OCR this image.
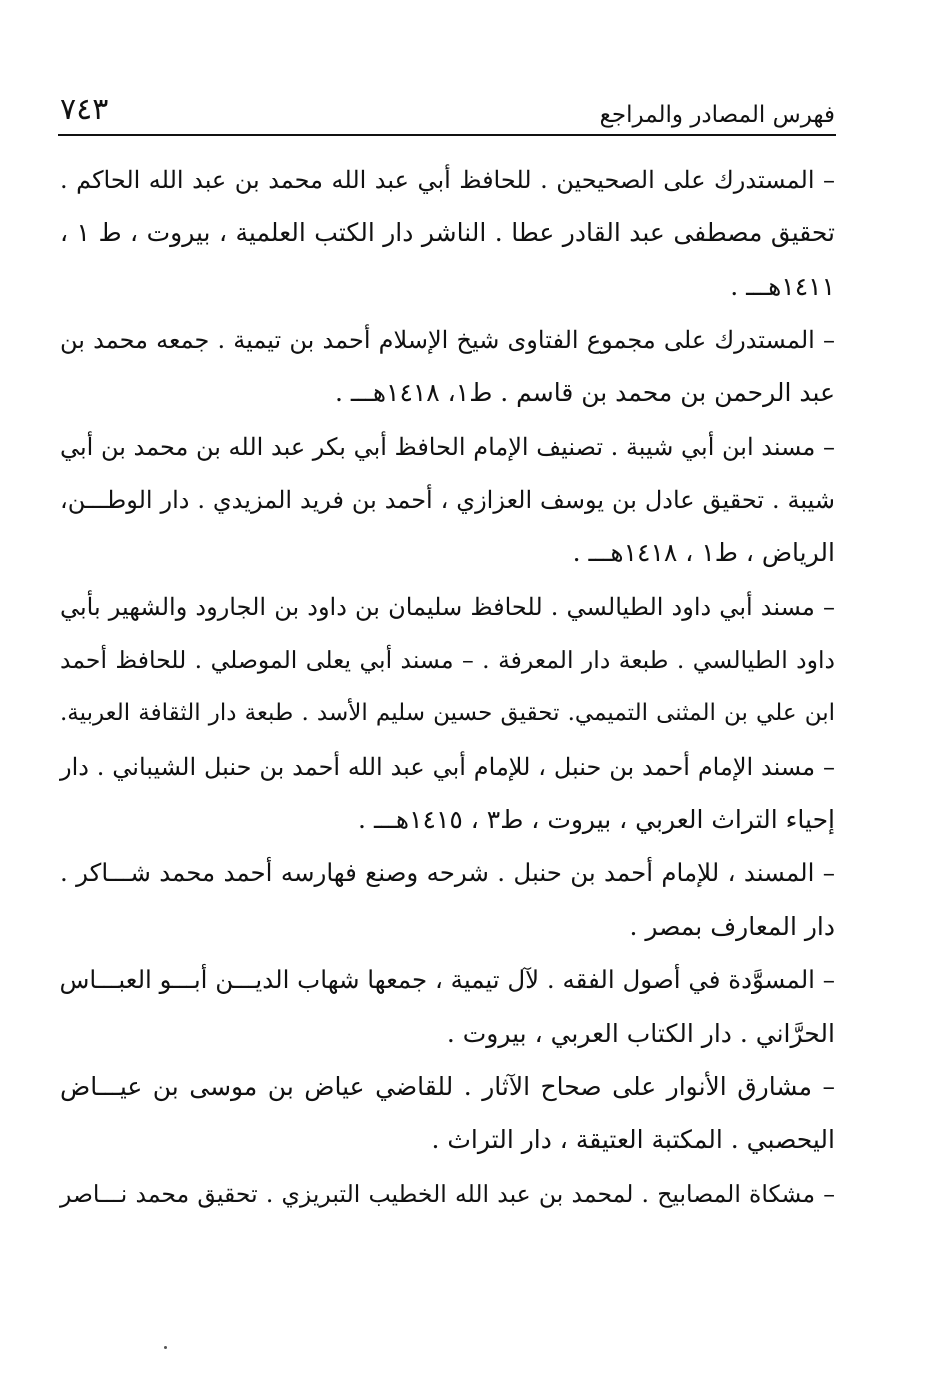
فهرس المصادر والمراجع
٧٤٣
– المستدرك على الصحيحين . للحافظ أبي عبد الله محمد بن عبد الله الحاكم .
تحقيق مصطفى عبد القادر عطا . الناشر دار الكتب العلمية ، بيروت ، ط ١ ،
١٤١١هـــ .
– المستدرك على مجموع الفتاوى شيخ الإسلام أحمد بن تيمية . جمعه محمد بن
عبد الرحمن بن محمد بن قاسم . ط١، ١٤١٨هـــ .
– مسند ابن أبي شيبة . تصنيف الإمام الحافظ أبي بكر عبد الله بن محمد بن أبي
شيبة . تحقيق عادل بن يوسف العزازي ، أحمد بن فريد المزيدي . دار الوطـــن،
الرياض ، ط١ ، ١٤١٨هـــ .
– مسند أبي داود الطيالسي . للحافظ سليمان بن داود بن الجارود والشهير بأبي
داود الطيالسي . طبعة دار المعرفة . – مسند أبي يعلى الموصلي . للحافظ أحمد
ابن علي بن المثنى التميمي. تحقيق حسين سليم الأسد . طبعة دار الثقافة العربية.
– مسند الإمام أحمد بن حنبل ، للإمام أبي عبد الله أحمد بن حنبل الشيباني . دار
إحياء التراث العربي ، بيروت ، ط٣ ، ١٤١٥هـــ .
– المسند ، للإمام أحمد بن حنبل . شرحه وصنع فهارسه أحمد محمد شـــاكر .
دار المعارف بمصر .
– المسوَّدة في أصول الفقه . لآل تيمية ، جمعها شهاب الديـــن أبـــو العبـــاس
الحرَّاني . دار الكتاب العربي ، بيروت .
– مشارق الأنوار على صحاح الآثار . للقاضي عياض بن موسى بن عيـــاض
اليحصبي . المكتبة العتيقة ، دار التراث .
– مشكاة المصابيح . لمحمد بن عبد الله الخطيب التبريزي . تحقيق محمد نـــاصر
